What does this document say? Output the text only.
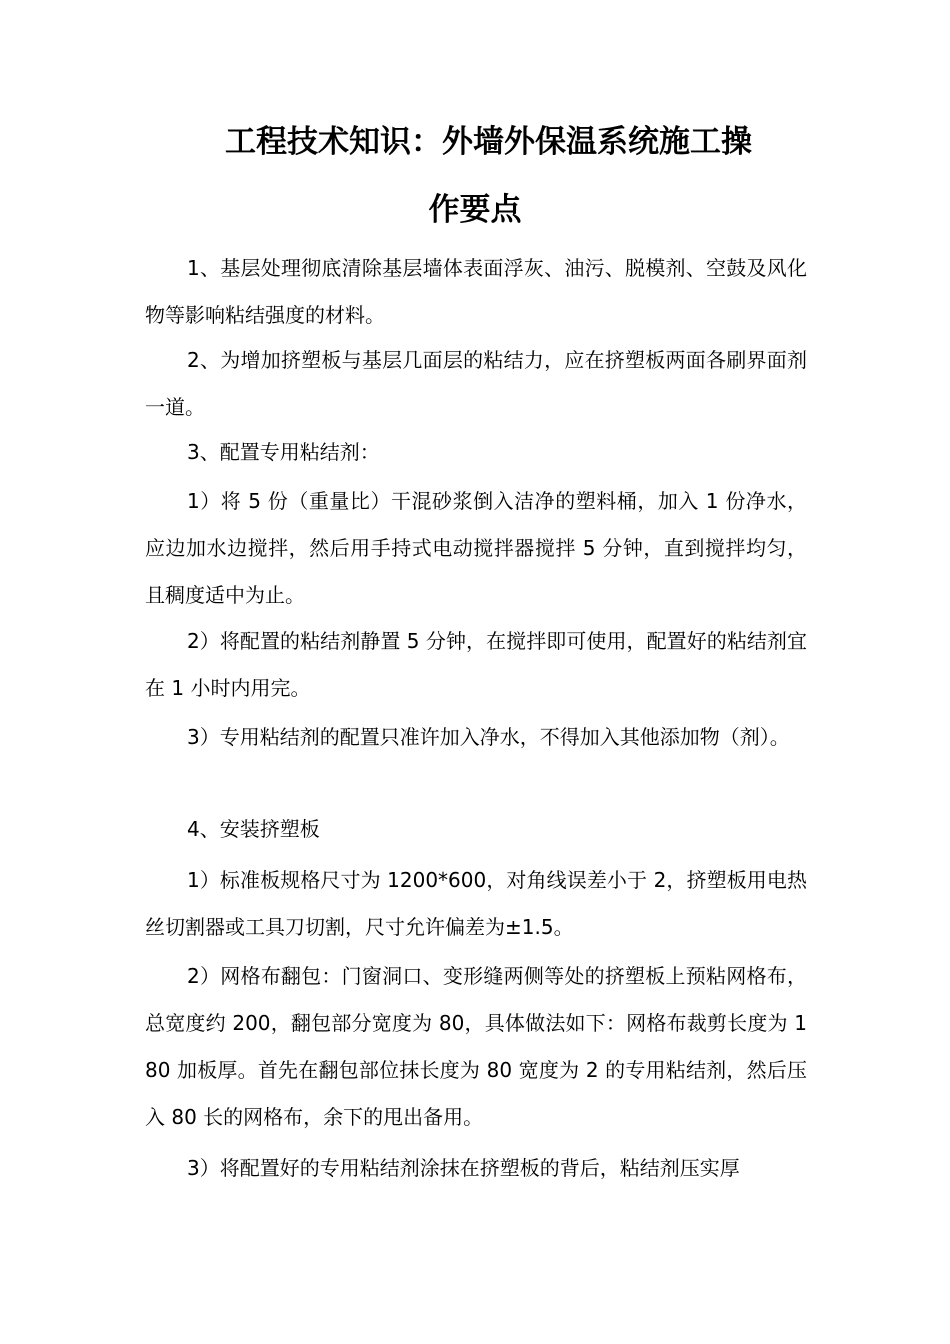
工程技术知识：外墙外保温系统施工操
作要点

1、基层处理彻底清除基层墙体表面浮灰、油污、脱模剂、空鼓及风化物等影响粘结强度的材料。

2、为增加挤塑板与基层几面层的粘结力，应在挤塑板两面各刷界面剂一道。

3、配置专用粘结剂：

1）将 5 份（重量比）干混砂浆倒入洁净的塑料桶，加入 1 份净水，应边加水边搅拌，然后用手持式电动搅拌器搅拌 5 分钟，直到搅拌均匀，且稠度适中为止。

2）将配置的粘结剂静置 5 分钟，在搅拌即可使用，配置好的粘结剂宜在 1 小时内用完。

3）专用粘结剂的配置只准许加入净水，不得加入其他添加物（剂）。

4、安装挤塑板

1）标准板规格尺寸为 1200*600，对角线误差小于 2，挤塑板用电热丝切割器或工具刀切割，尺寸允许偏差为±1.5。

2）网格布翻包：门窗洞口、变形缝两侧等处的挤塑板上预粘网格布，总宽度约 200，翻包部分宽度为 80，具体做法如下：网格布裁剪长度为 180 加板厚。首先在翻包部位抹长度为 80 宽度为 2 的专用粘结剂，然后压入 80 长的网格布，余下的甩出备用。

3）将配置好的专用粘结剂涂抹在挤塑板的背后，粘结剂压实厚
